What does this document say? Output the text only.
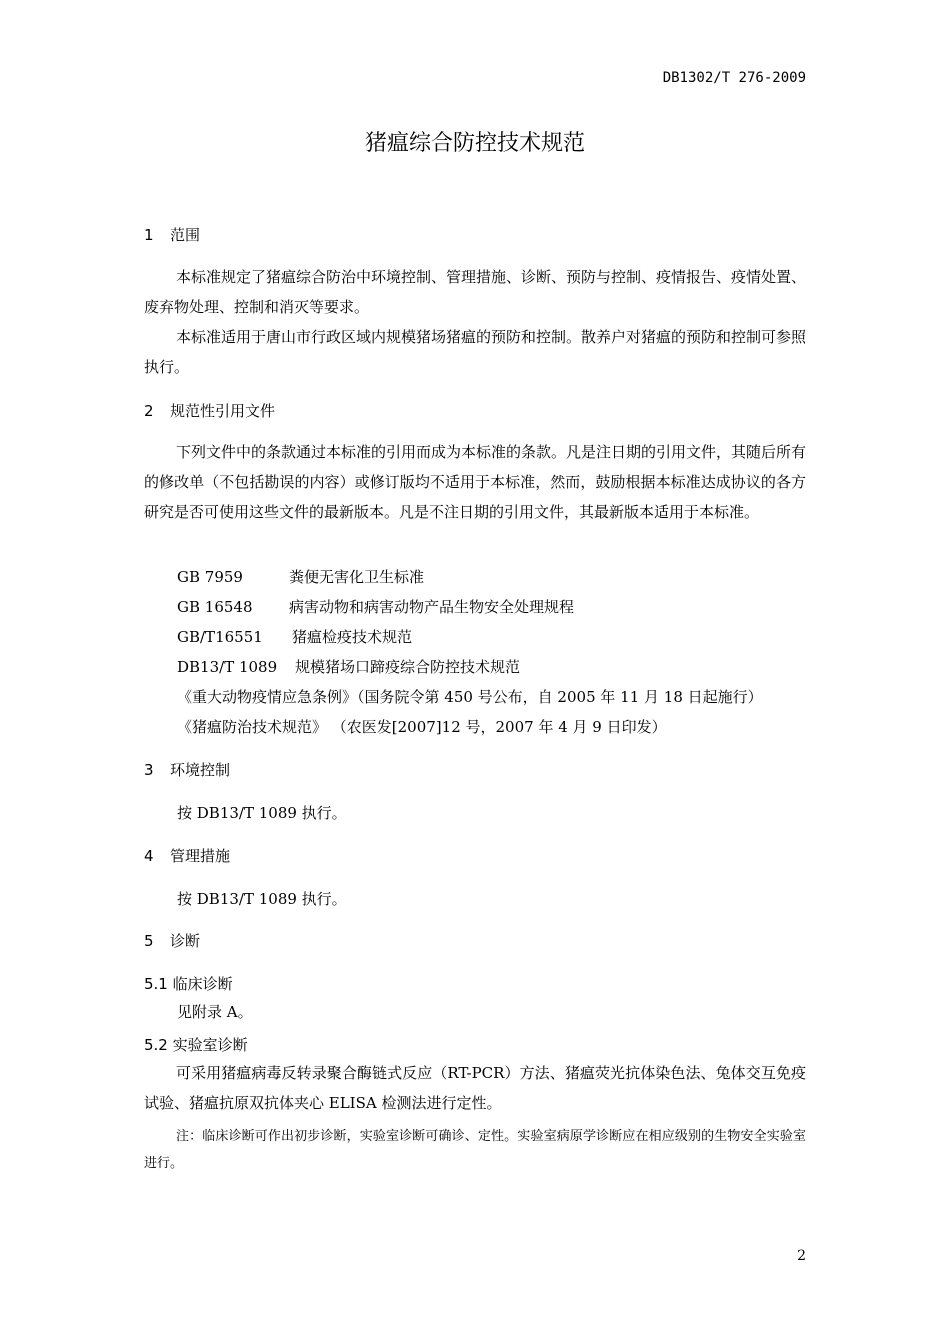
DB1302/T 276-2009
猪瘟综合防控技术规范
1 范围
本标准规定了猪瘟综合防治中环境控制、管理措施、诊断、预防与控制、疫情报告、疫情处置、废弃物处理、控制和消灭等要求。
本标准适用于唐山市行政区域内规模猪场猪瘟的预防和控制。散养户对猪瘟的预防和控制可参照执行。
2 规范性引用文件
下列文件中的条款通过本标准的引用而成为本标准的条款。凡是注日期的引用文件，其随后所有的修改单（不包括勘误的内容）或修订版均不适用于本标准，然而，鼓励根据本标准达成协议的各方研究是否可使用这些文件的最新版本。凡是不注日期的引用文件，其最新版本适用于本标准。
GB 7959	粪便无害化卫生标准
GB 16548 病害动物和病害动物产品生物安全处理规程
GB/T16551 猪瘟检疫技术规范
DB13/T 1089 规模猪场口蹄疫综合防控技术规范
《重大动物疫情应急条例》（国务院令第 450 号公布，自 2005 年 11 月 18 日起施行）
《猪瘟防治技术规范》 （农医发[2007]12 号，2007 年 4 月 9 日印发）
3 环境控制
按 DB13/T 1089 执行。
4 管理措施
按 DB13/T 1089 执行。
5 诊断
5.1 临床诊断
见附录 A。
5.2 实验室诊断
可采用猪瘟病毒反转录聚合酶链式反应（RT-PCR）方法、猪瘟荧光抗体染色法、兔体交互免疫试验、猪瘟抗原双抗体夹心 ELISA 检测法进行定性。
注：临床诊断可作出初步诊断，实验室诊断可确诊、定性。实验室病原学诊断应在相应级别的生物安全实验室进行。
2
